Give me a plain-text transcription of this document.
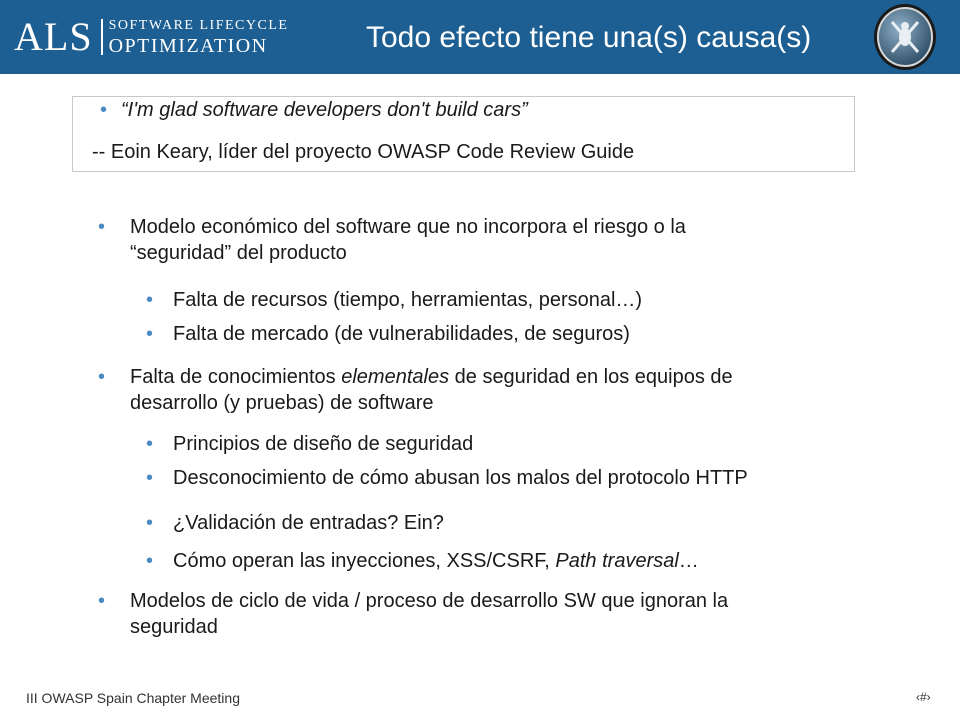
ALS SOFTWARE LIFECYCLE
OPTIMIZATION	Todo efecto tiene una(s) causa(s)
• “I'm glad software developers don't build cars”
-- Eoin Keary, líder del proyecto OWASP Code Review Guide
• Modelo económico del software que no incorpora el riesgo o la
“seguridad” del producto
• Falta de recursos (tiempo, herramientas, personal…)
• Falta de mercado (de vulnerabilidades, de seguros)
• Falta de conocimientos elementales de seguridad en los equipos de
desarrollo (y pruebas) de software
• Principios de diseño de seguridad
• Desconocimiento de cómo abusan los malos del protocolo HTTP
• ¿Validación de entradas? Ein?
• Cómo operan las inyecciones, XSS/CSRF, Path traversal…
• Modelos de ciclo de vida / proceso de desarrollo SW que ignoran la
seguridad
III OWASP Spain Chapter Meeting	‹#›
